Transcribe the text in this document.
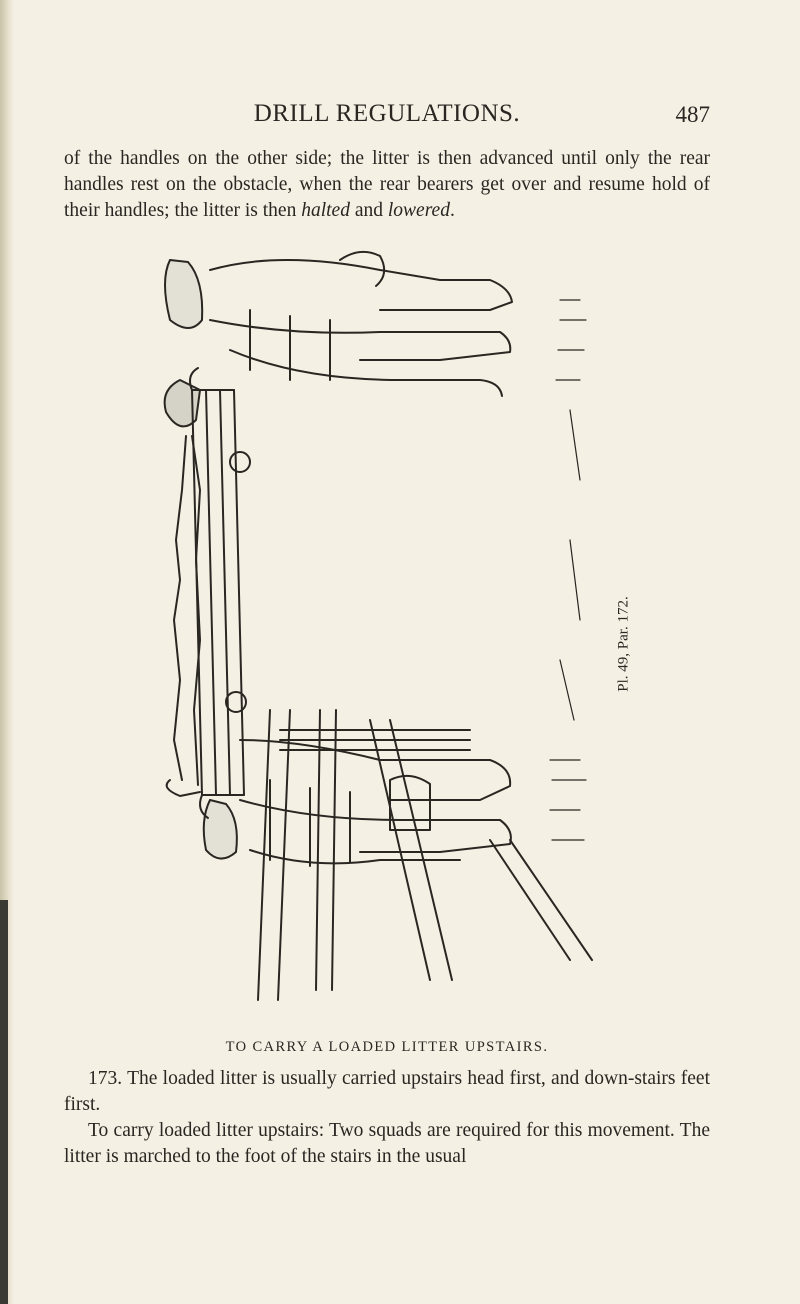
DRILL REGULATIONS.	487

of the handles on the other side; the litter is then advanced until only the rear handles rest on the obstacle, when the rear bearers get over and resume hold of their handles; the litter is then halted and lowered.

Pl. 49, Par. 172.
TO CARRY A LOADED LITTER UPSTAIRS.

173. The loaded litter is usually carried upstairs head first, and down-stairs feet first.

To carry loaded litter upstairs: Two squads are required for this movement. The litter is marched to the foot of the stairs in the usual
